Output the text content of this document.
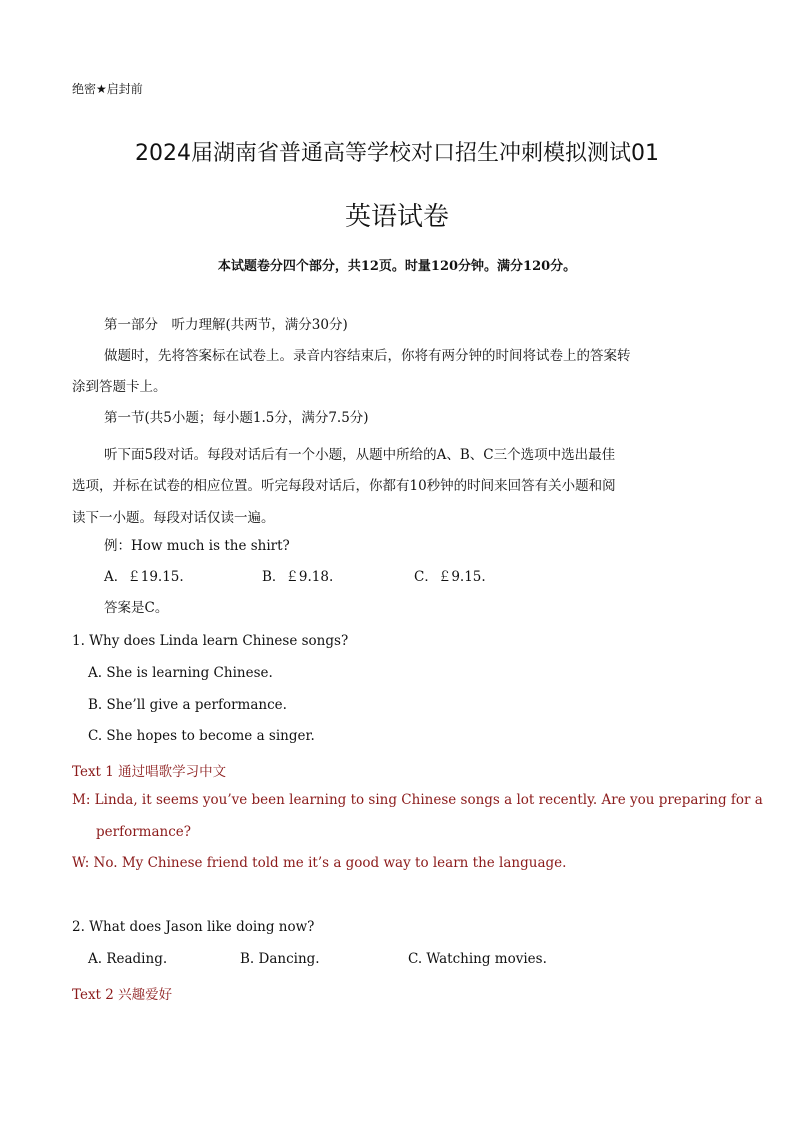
绝密★启封前
2024届湖南省普通高等学校对口招生冲刺模拟测试01
英语试卷
本试题卷分四个部分，共12页。时量120分钟。满分120分。
第一部分　听力理解(共两节，满分30分)
做题时，先将答案标在试卷上。录音内容结束后，你将有两分钟的时间将试卷上的答案转
涂到答题卡上。
第一节(共5小题；每小题1.5分，满分7.5分)
听下面5段对话。每段对话后有一个小题，从题中所给的A、B、C三个选项中选出最佳
选项，并标在试卷的相应位置。听完每段对话后，你都有10秒钟的时间来回答有关小题和阅
读下一小题。每段对话仅读一遍。
例：How much is the shirt?
A．￡19.15.	B．￡9.18.	C．￡9.15.
答案是C。
1. Why does Linda learn Chinese songs?
A. She is learning Chinese.
B. She’ll give a performance.
C. She hopes to become a singer.
Text 1 通过唱歌学习中文
M: Linda, it seems you’ve been learning to sing Chinese songs a lot recently. Are you preparing for a
performance?
W: No. My Chinese friend told me it’s a good way to learn the language.
2. What does Jason like doing now?
A. Reading.	B. Dancing.	C. Watching movies.
Text 2 兴趣爱好
